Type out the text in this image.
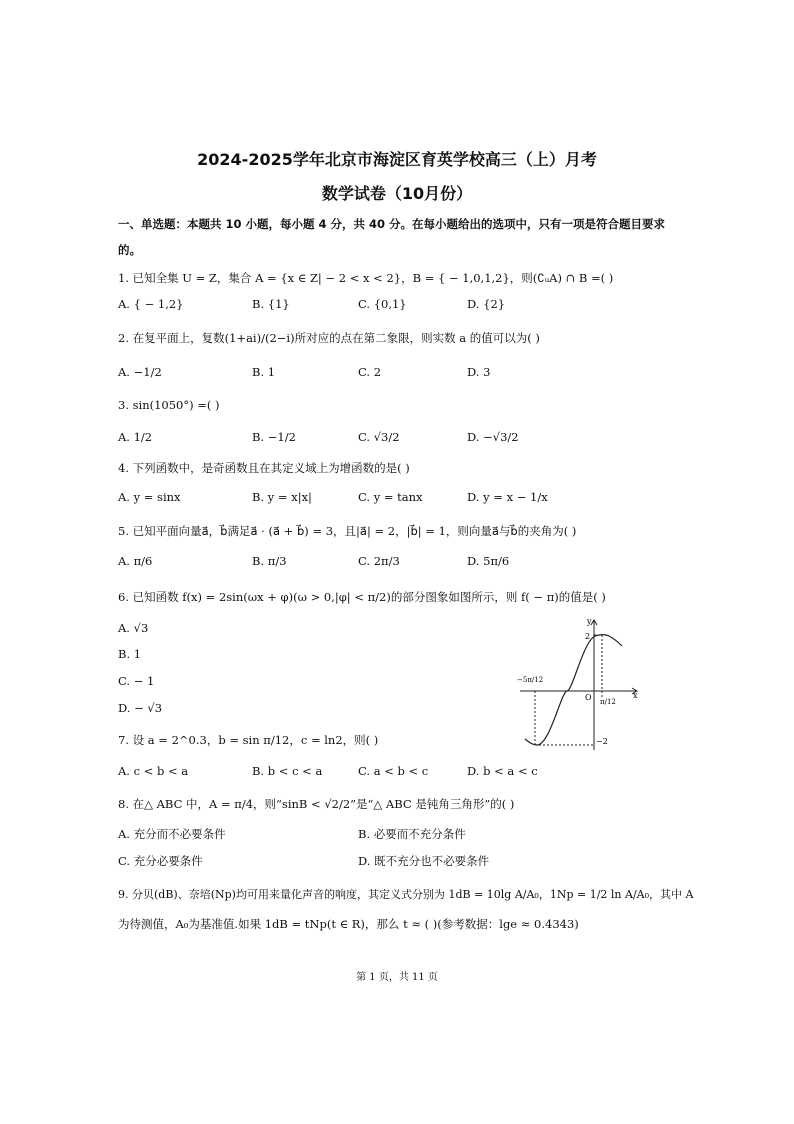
2024-2025学年北京市海淀区育英学校高三（上）月考
数学试卷（10月份）
一、单选题：本题共 10 小题，每小题 4 分，共 40 分。在每小题给出的选项中，只有一项是符合题目要求
的。
1. 已知全集 U = Z，集合 A = {x ∈ Z| − 2 < x < 2}，B = { − 1,0,1,2}，则(∁ᵤA) ∩ B =( )
A. { − 1,2}	B. {1}	C. {0,1}	D. {2}
2. 在复平面上，复数(1+ai)/(2−i)所对应的点在第二象限，则实数 a 的值可以为( )
A. −1/2	B. 1	C. 2	D. 3
3. sin(1050°) =( )
A. 1/2	B. −1/2	C. √3/2	D. −√3/2
4. 下列函数中，是奇函数且在其定义域上为增函数的是( )
A. y = sinx	B. y = x|x|	C. y = tanx	D. y = x − 1/x
5. 已知平面向量a⃗，b⃗满足a⃗ · (a⃗ + b⃗) = 3，且|a⃗| = 2，|b⃗| = 1，则向量a⃗与b⃗的夹角为( )
A. π/6	B. π/3	C. 2π/3	D. 5π/6
6. 已知函数 f(x) = 2sin(ωx + φ)(ω > 0,|φ| < π/2)的部分图象如图所示，则 f( − π)的值是( )
A. √3
B. 1
C. − 1
D. − √3
y
x
O
2
−2
−5π/12
π/12
7. 设 a = 2^0.3，b = sin π/12，c = ln2，则( )
A. c < b < a	B. b < c < a	C. a < b < c	D. b < a < c
8. 在△ ABC 中，A = π/4，则“sinB < √2/2”是“△ ABC 是钝角三角形”的( )
A. 充分而不必要条件	B. 必要而不充分条件
C. 充分必要条件	D. 既不充分也不必要条件
9. 分贝(dB)、奈培(Np)均可用来量化声音的响度，其定义式分别为 1dB = 10lg A/A₀，1Np = 1/2 ln A/A₀，其中 A
为待测值，A₀为基准值.如果 1dB = tNp(t ∈ R)，那么 t ≈ ( )(参考数据：lge ≈ 0.4343)
第 1 页，共 11 页
